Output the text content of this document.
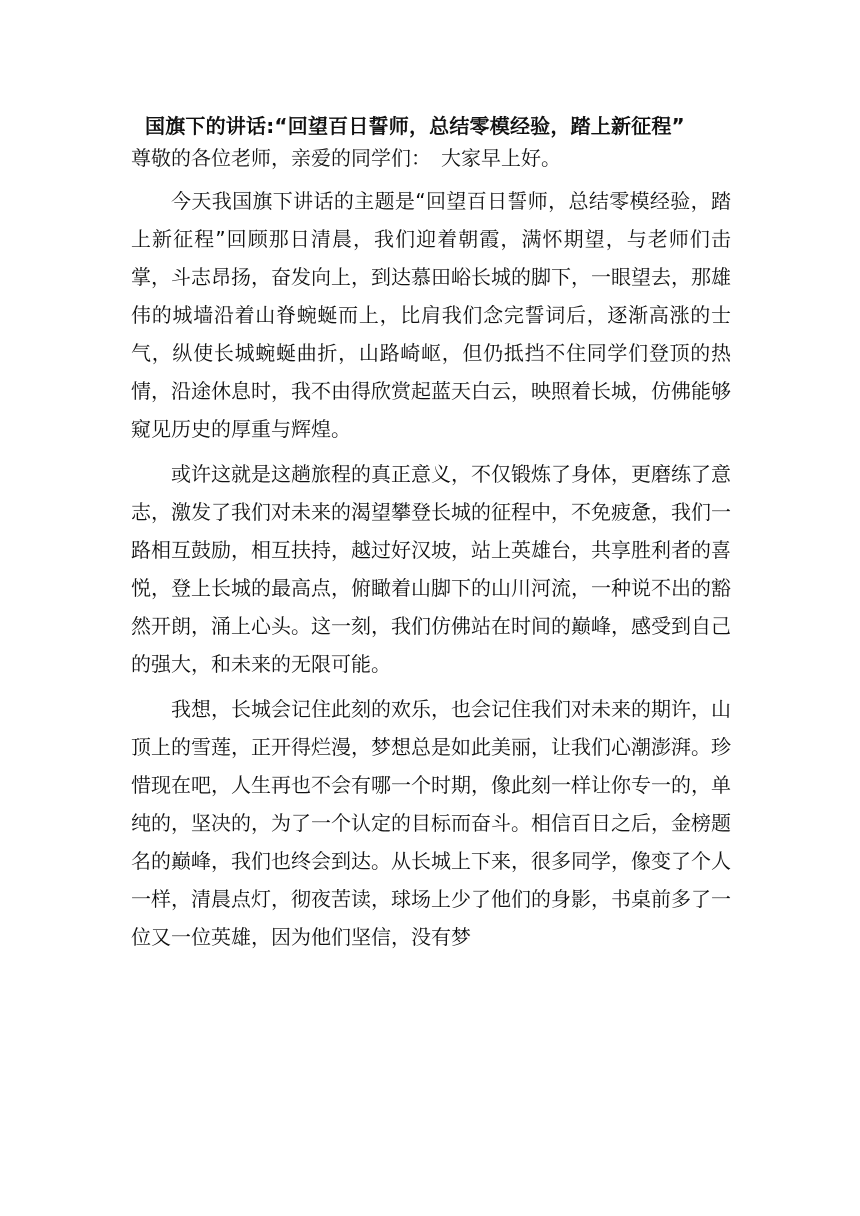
国旗下的讲话:“回望百日誓师，总结零模经验，踏上新征程”

尊敬的各位老师，亲爱的同学们：　大家早上好。

今天我国旗下讲话的主题是“回望百日誓师，总结零模经验，踏上新征程”回顾那日清晨，我们迎着朝霞，满怀期望，与老师们击掌，斗志昂扬，奋发向上，到达慕田峪长城的脚下，一眼望去，那雄伟的城墙沿着山脊蜿蜒而上，比肩我们念完誓词后，逐渐高涨的士气，纵使长城蜿蜒曲折，山路崎岖，但仍抵挡不住同学们登顶的热情，沿途休息时，我不由得欣赏起蓝天白云，映照着长城，仿佛能够窥见历史的厚重与辉煌。

或许这就是这趟旅程的真正意义，不仅锻炼了身体，更磨练了意志，激发了我们对未来的渴望攀登长城的征程中，不免疲惫，我们一路相互鼓励，相互扶持，越过好汉坡，站上英雄台，共享胜利者的喜悦，登上长城的最高点，俯瞰着山脚下的山川河流，一种说不出的豁然开朗，涌上心头。这一刻，我们仿佛站在时间的巅峰，感受到自己的强大，和未来的无限可能。

我想，长城会记住此刻的欢乐，也会记住我们对未来的期许，山顶上的雪莲，正开得烂漫，梦想总是如此美丽，让我们心潮澎湃。珍惜现在吧，人生再也不会有哪一个时期，像此刻一样让你专一的，单纯的，坚决的，为了一个认定的目标而奋斗。相信百日之后，金榜题名的巅峰，我们也终会到达。从长城上下来，很多同学，像变了个人一样，清晨点灯，彻夜苦读，球场上少了他们的身影，书桌前多了一位又一位英雄，因为他们坚信，没有梦
